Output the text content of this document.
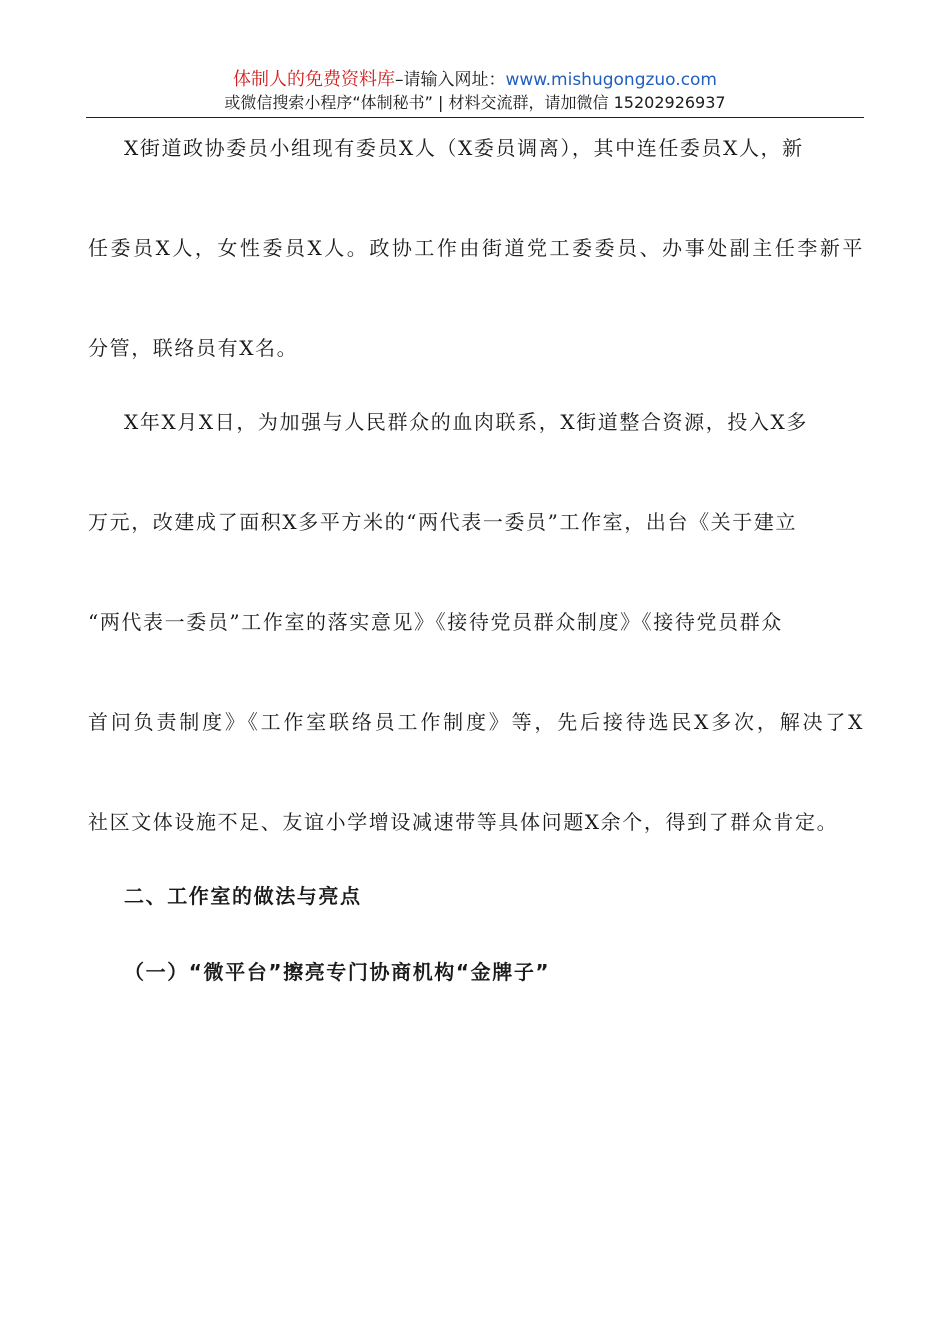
体制人的免费资料库–请输入网址：www.mishugongzuo.com
或微信搜索小程序“体制秘书” | 材料交流群，请加微信 15202926937
X街道政协委员小组现有委员X人（X委员调离），其中连任委员X人，新
任委员X人，女性委员X人。政协工作由街道党工委委员、办事处副主任李新平
分管，联络员有X名。
X年X月X日，为加强与人民群众的血肉联系，X街道整合资源，投入X多
万元，改建成了面积X多平方米的“两代表一委员”工作室，出台《关于建立
“两代表一委员”工作室的落实意见》《接待党员群众制度》《接待党员群众
首问负责制度》《工作室联络员工作制度》等，先后接待选民X多次，解决了X
社区文体设施不足、友谊小学增设减速带等具体问题X余个，得到了群众肯定。
二、工作室的做法与亮点
（一）“微平台”擦亮专门协商机构“金牌子”
